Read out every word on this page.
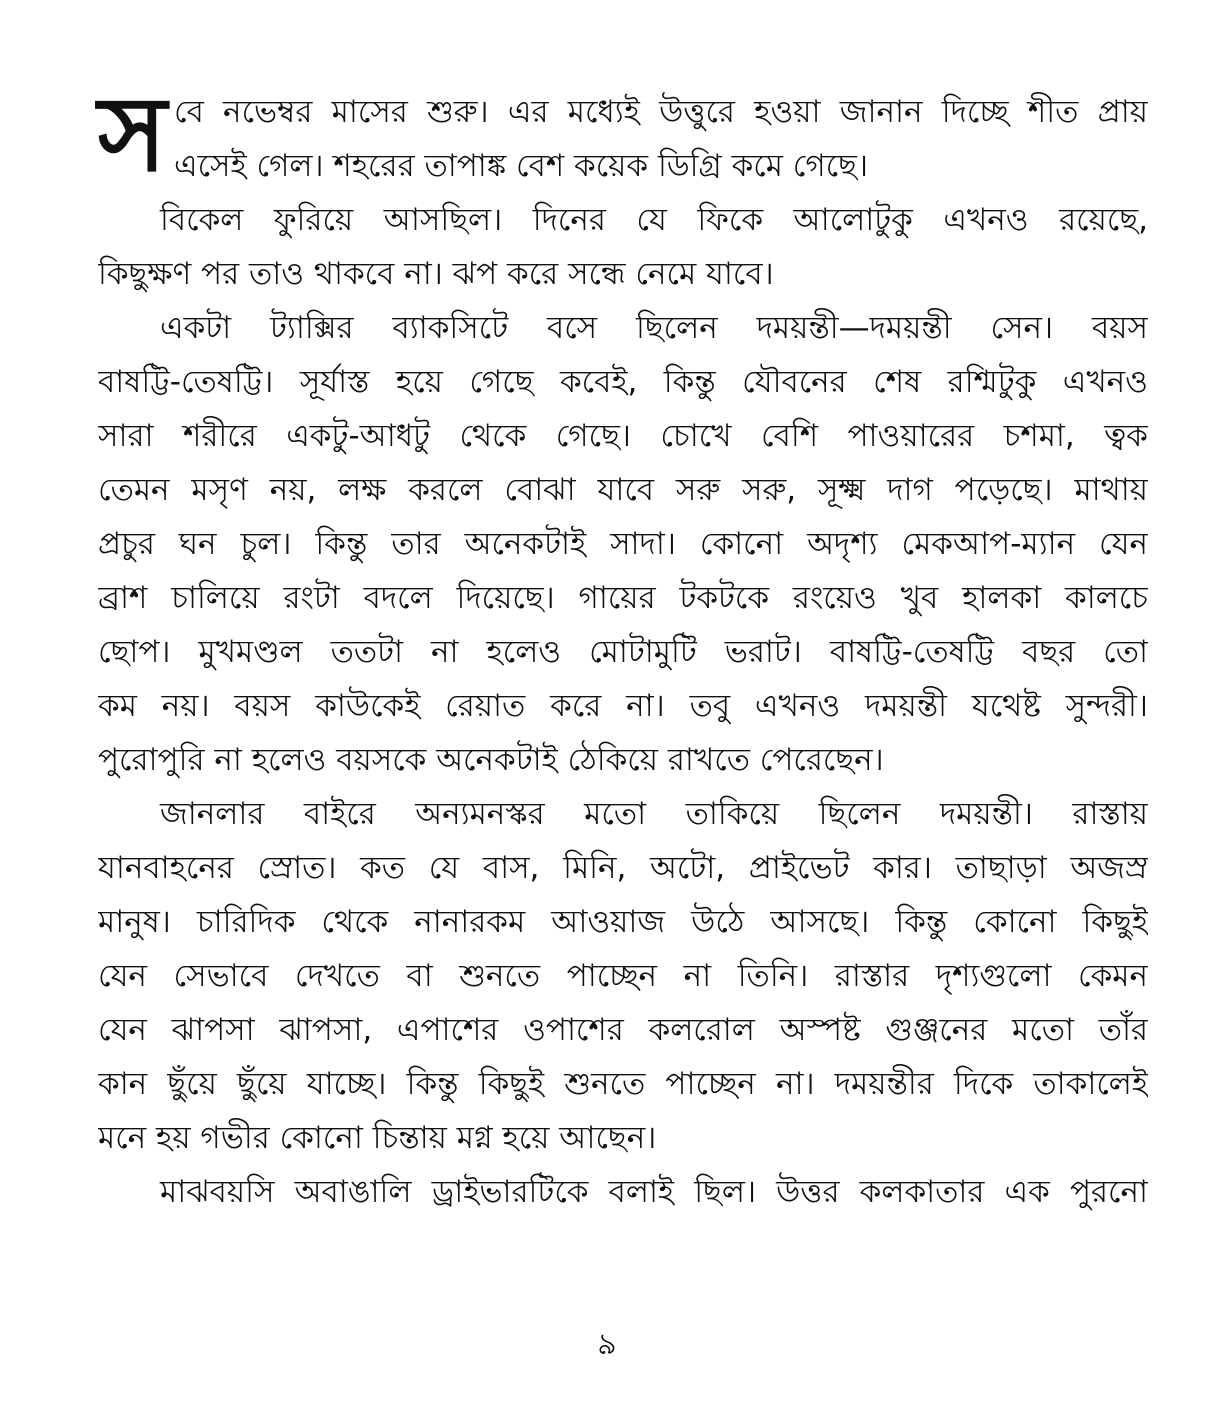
স বে নভেম্বর মাসের শুরু। এর মধ্যেই উত্তুরে হওয়া জানান দিচ্ছে শীত প্রায়
এসেই গেল। শহরের তাপাঙ্ক বেশ কয়েক ডিগ্রি কমে গেছে।
বিকেল ফুরিয়ে আসছিল। দিনের যে ফিকে আলোটুকু এখনও রয়েছে,
কিছুক্ষণ পর তাও থাকবে না। ঝপ করে সন্ধে নেমে যাবে।
একটা ট্যাক্সির ব্যাকসিটে বসে ছিলেন দময়ন্তী—দময়ন্তী সেন। বয়স
বাষট্টি-তেষট্টি। সূর্যাস্ত হয়ে গেছে কবেই, কিন্তু যৌবনের শেষ রশ্মিটুকু এখনও
সারা শরীরে একটু-আধটু থেকে গেছে। চোখে বেশি পাওয়ারের চশমা, ত্বক
তেমন মসৃণ নয়, লক্ষ করলে বোঝা যাবে সরু সরু, সূক্ষ্ম দাগ পড়েছে। মাথায়
প্রচুর ঘন চুল। কিন্তু তার অনেকটাই সাদা। কোনো অদৃশ্য মেকআপ-ম্যান যেন
ব্রাশ চালিয়ে রংটা বদলে দিয়েছে। গায়ের টকটকে রংয়েও খুব হালকা কালচে
ছোপ। মুখমণ্ডল ততটা না হলেও মোটামুটি ভরাট। বাষট্টি-তেষট্টি বছর তো
কম নয়। বয়স কাউকেই রেয়াত করে না। তবু এখনও দময়ন্তী যথেষ্ট সুন্দরী।
পুরোপুরি না হলেও বয়সকে অনেকটাই ঠেকিয়ে রাখতে পেরেছেন।
জানলার বাইরে অন্যমনস্কর মতো তাকিয়ে ছিলেন দময়ন্তী। রাস্তায়
যানবাহনের স্রোত। কত যে বাস, মিনি, অটো, প্রাইভেট কার। তাছাড়া অজস্র
মানুষ। চারিদিক থেকে নানারকম আওয়াজ উঠে আসছে। কিন্তু কোনো কিছুই
যেন সেভাবে দেখতে বা শুনতে পাচ্ছেন না তিনি। রাস্তার দৃশ্যগুলো কেমন
যেন ঝাপসা ঝাপসা, এপাশের ওপাশের কলরোল অস্পষ্ট গুঞ্জনের মতো তাঁর
কান ছুঁয়ে ছুঁয়ে যাচ্ছে। কিন্তু কিছুই শুনতে পাচ্ছেন না। দময়ন্তীর দিকে তাকালেই
মনে হয় গভীর কোনো চিন্তায় মগ্ন হয়ে আছেন।
মাঝবয়সি অবাঙালি ড্রাইভারটিকে বলাই ছিল। উত্তর কলকাতার এক পুরনো
৯
